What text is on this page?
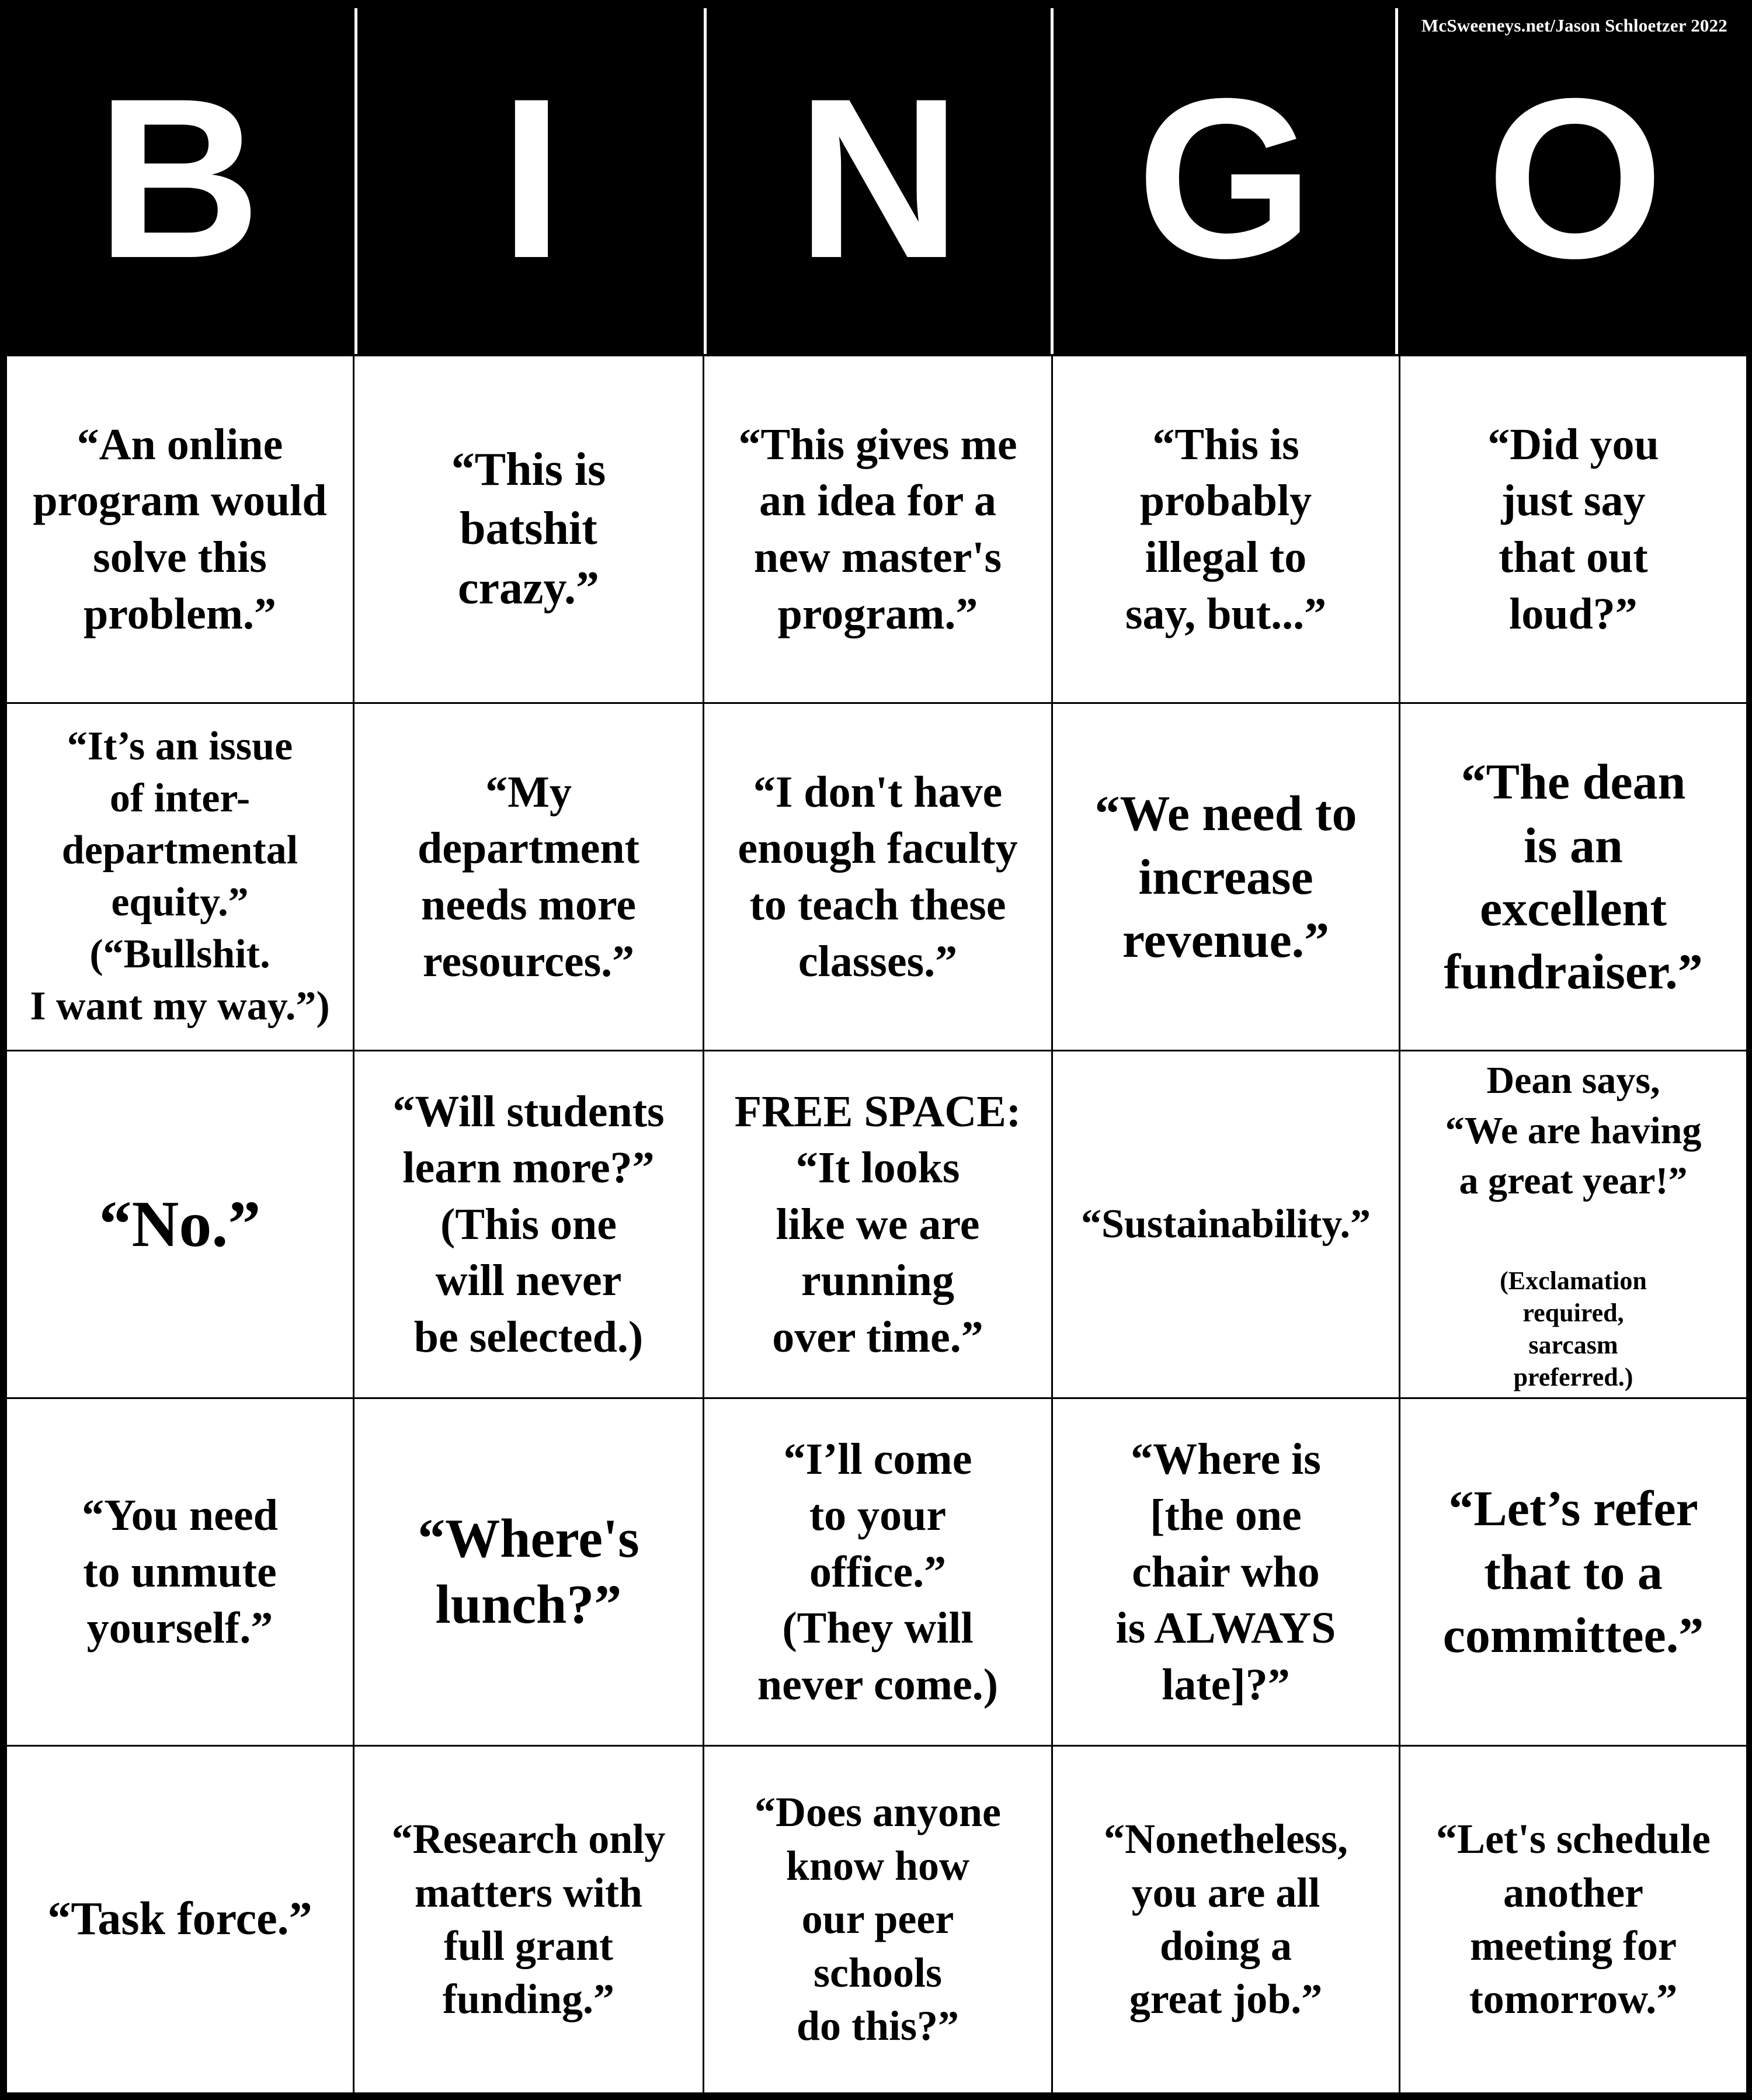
B	I	N G O
McSweeneys.net/Jason Schloetzer 2022
“An online
program would
solve this
problem.”
“This is
batshit
crazy.”
“This gives me
an idea for a
new master's
program.”
“This is
probably
illegal to
say, but...”
“Did you
just say
that out
loud?”
“It’s an issue
of inter-
departmental
equity.”
(“Bullshit.
I want my way.”)
“My
department
needs more
resources.”
“I don't have
enough faculty
to teach these
classes.”
“We need to
increase
revenue.”
“The dean
is an
excellent
fundraiser.”
“No.”
“Will students
learn more?”
(This one
will never
be selected.)
FREE SPACE:
“It looks
like we are
running
over time.”
“Sustainability.”

Dean says,
“We are having
a great year!”

(Exclamation
required,
sarcasm
preferred.)

“You need
to unmute
yourself.”
“Where's
lunch?”
“I’ll come
to your
office.”
(They will
never come.)
“Where is
[the one
chair who
is ALWAYS
late]?”
“Let’s refer
that to a
committee.”
“Task force.”
“Research only
matters with
full grant
funding.”
“Does anyone
know how
our peer
schools
do this?”
“Nonetheless,
you are all
doing a
great job.”
“Let's schedule
another
meeting for
tomorrow.”
